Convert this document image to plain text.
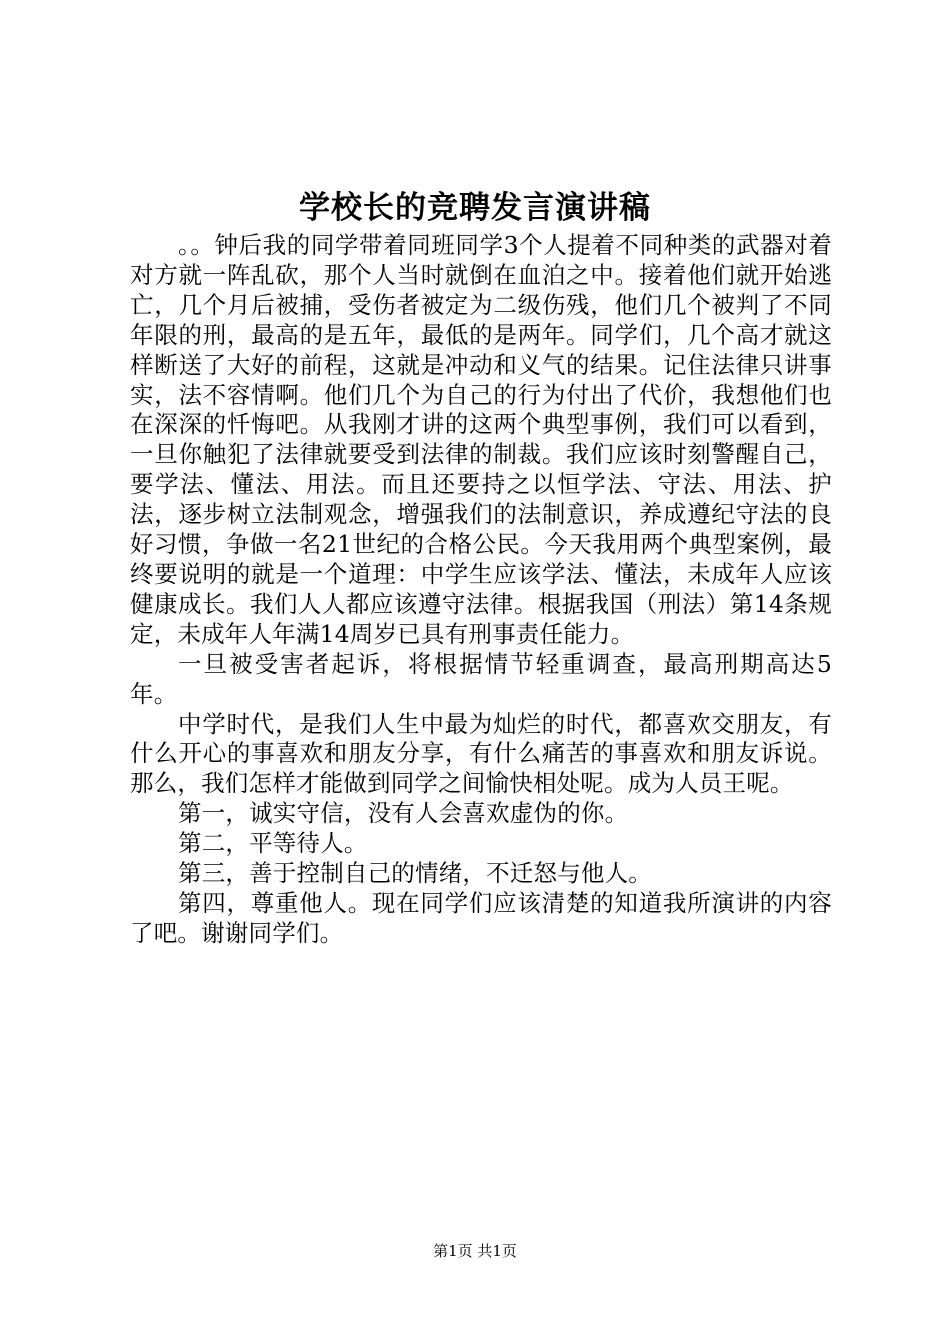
学校长的竞聘发言演讲稿

。。钟后我的同学带着同班同学3个人提着不同种类的武器对着对方就一阵乱砍，那个人当时就倒在血泊之中。接着他们就开始逃亡，几个月后被捕，受伤者被定为二级伤残，他们几个被判了不同年限的刑，最高的是五年，最低的是两年。同学们，几个高才就这样断送了大好的前程，这就是冲动和义气的结果。记住法律只讲事实，法不容情啊。他们几个为自己的行为付出了代价，我想他们也在深深的忏悔吧。从我刚才讲的这两个典型事例，我们可以看到，一旦你触犯了法律就要受到法律的制裁。我们应该时刻警醒自己，要学法、懂法、用法。而且还要持之以恒学法、守法、用法、护法，逐步树立法制观念，增强我们的法制意识，养成遵纪守法的良好习惯，争做一名21世纪的合格公民。今天我用两个典型案例，最终要说明的就是一个道理：中学生应该学法、懂法，未成年人应该健康成长。我们人人都应该遵守法律。根据我国（刑法）第14条规定，未成年人年满14周岁已具有刑事责任能力。

一旦被受害者起诉，将根据情节轻重调查，最高刑期高达5年。

中学时代，是我们人生中最为灿烂的时代，都喜欢交朋友，有什么开心的事喜欢和朋友分享，有什么痛苦的事喜欢和朋友诉说。那么，我们怎样才能做到同学之间愉快相处呢。成为人员王呢。

第一，诚实守信，没有人会喜欢虚伪的你。

第二，平等待人。

第三，善于控制自己的情绪，不迁怒与他人。

第四，尊重他人。现在同学们应该清楚的知道我所演讲的内容了吧。谢谢同学们。

第1页 共1页
